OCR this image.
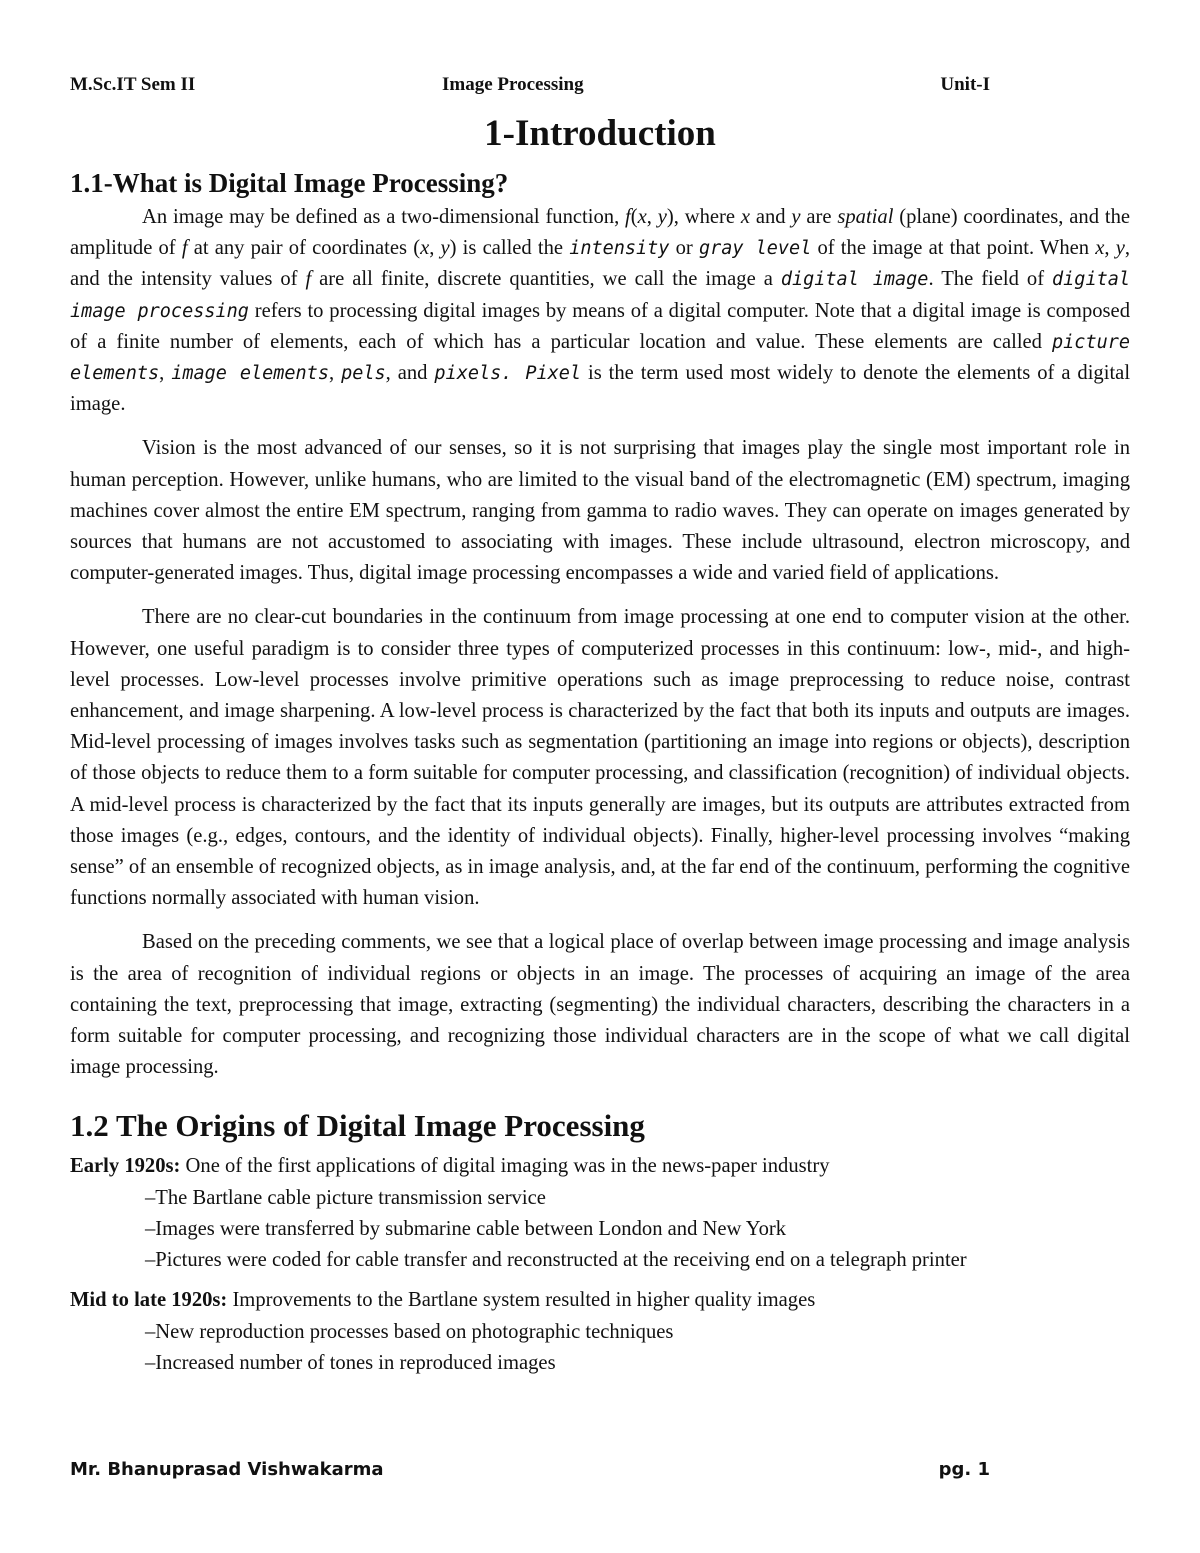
M.Sc.IT Sem II	Image Processing	Unit-I
1-Introduction
1.1-What is Digital Image Processing?

An image may be defined as a two-dimensional function, f(x, y), where x and y are spatial (plane) coordinates, and the amplitude of f at any pair of coordinates (x, y) is called the intensity or gray level of the image at that point. When x, y, and the intensity values of f are all finite, discrete quantities, we call the image a digital image. The field of digital image processing refers to processing digital images by means of a digital computer. Note that a digital image is composed of a finite number of elements, each of which has a particular location and value. These elements are called picture elements, image elements, pels, and pixels. Pixel is the term used most widely to denote the elements of a digital image.

Vision is the most advanced of our senses, so it is not surprising that images play the single most important role in human perception. However, unlike humans, who are limited to the visual band of the electromagnetic (EM) spectrum, imaging machines cover almost the entire EM spectrum, ranging from gamma to radio waves. They can operate on images generated by sources that humans are not accustomed to associating with images. These include ultrasound, electron microscopy, and computer-generated images. Thus, digital image processing encompasses a wide and varied field of applications.

There are no clear-cut boundaries in the continuum from image processing at one end to computer vision at the other. However, one useful paradigm is to consider three types of computerized processes in this continuum: low-, mid-, and high-level processes. Low-level processes involve primitive operations such as image preprocessing to reduce noise, contrast enhancement, and image sharpening. A low-level process is characterized by the fact that both its inputs and outputs are images. Mid-level processing of images involves tasks such as segmentation (partitioning an image into regions or objects), description of those objects to reduce them to a form suitable for computer processing, and classification (recognition) of individual objects. A mid-level process is characterized by the fact that its inputs generally are images, but its outputs are attributes extracted from those images (e.g., edges, contours, and the identity of individual objects). Finally, higher-level processing involves “making sense” of an ensemble of recognized objects, as in image analysis, and, at the far end of the continuum, performing the cognitive functions normally associated with human vision.

Based on the preceding comments, we see that a logical place of overlap between image processing and image analysis is the area of recognition of individual regions or objects in an image. The processes of acquiring an image of the area containing the text, preprocessing that image, extracting (segmenting) the individual characters, describing the characters in a form suitable for computer processing, and recognizing those individual characters are in the scope of what we call digital image processing.

1.2 The Origins of Digital Image Processing

Early 1920s: One of the first applications of digital imaging was in the news-paper industry

–The Bartlane cable picture transmission service
–Images were transferred by submarine cable between London and New York
–Pictures were coded for cable transfer and reconstructed at the receiving end on a telegraph printer

Mid to late 1920s: Improvements to the Bartlane system resulted in higher quality images

–New reproduction processes based on photographic techniques
–Increased number of tones in reproduced images
Mr. Bhanuprasad Vishwakarma	pg. 1
